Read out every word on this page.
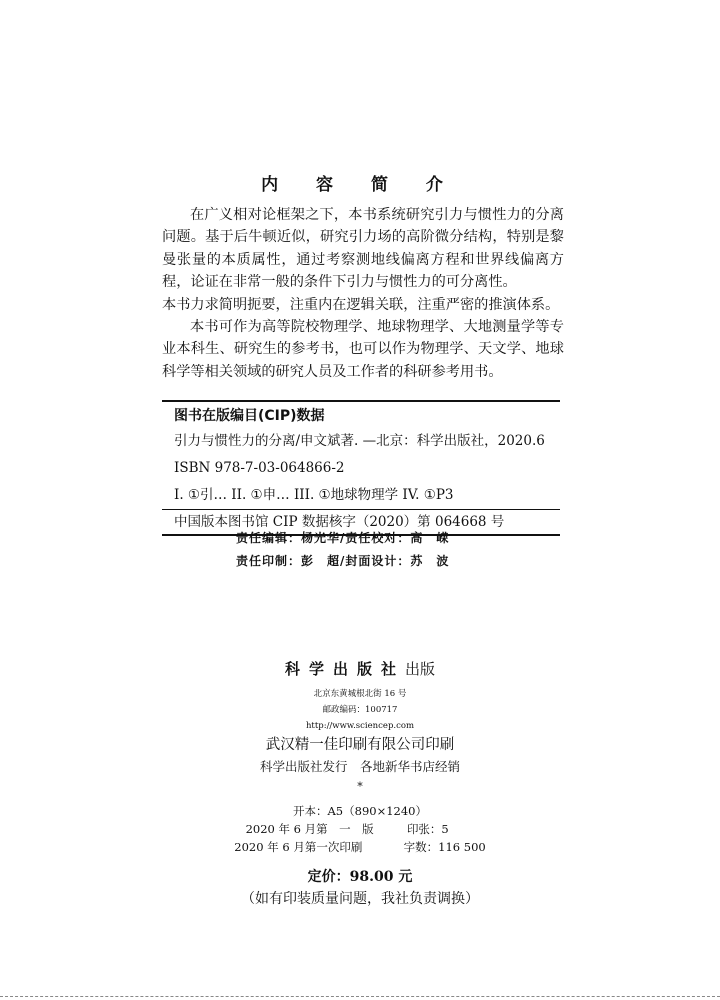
内 容 简 介

在广义相对论框架之下，本书系统研究引力与惯性力的分离问题。基于后牛顿近似，研究引力场的高阶微分结构，特别是黎曼张量的本质属性，通过考察测地线偏离方程和世界线偏离方程，论证在非常一般的条件下引力与惯性力的可分离性。

本书力求简明扼要，注重内在逻辑关联，注重严密的推演体系。

本书可作为高等院校物理学、地球物理学、大地测量学等专业本科生、研究生的参考书，也可以作为物理学、天文学、地球科学等相关领域的研究人员及工作者的科研参考用书。

图书在版编目(CIP)数据
引力与惯性力的分离/申文斌著. —北京：科学出版社，2020.6
ISBN 978-7-03-064866-2
I. ①引… II. ①申… III. ①地球物理学 IV. ①P3
中国版本图书馆 CIP 数据核字（2020）第 064668 号
责任编辑：杨光华/责任校对：高　嵘
责任印制：彭　超/封面设计：苏　波
科学出版社出版
北京东黄城根北街 16 号
邮政编码：100717
http://www.sciencep.com
武汉精一佳印刷有限公司印刷
科学出版社发行　各地新华书店经销
*
开本：A5（890×1240）
2020 年 6 月第　一　版	印张：5
2020 年 6 月第一次印刷	字数：116 500
定价：98.00 元
（如有印装质量问题，我社负责调换）
